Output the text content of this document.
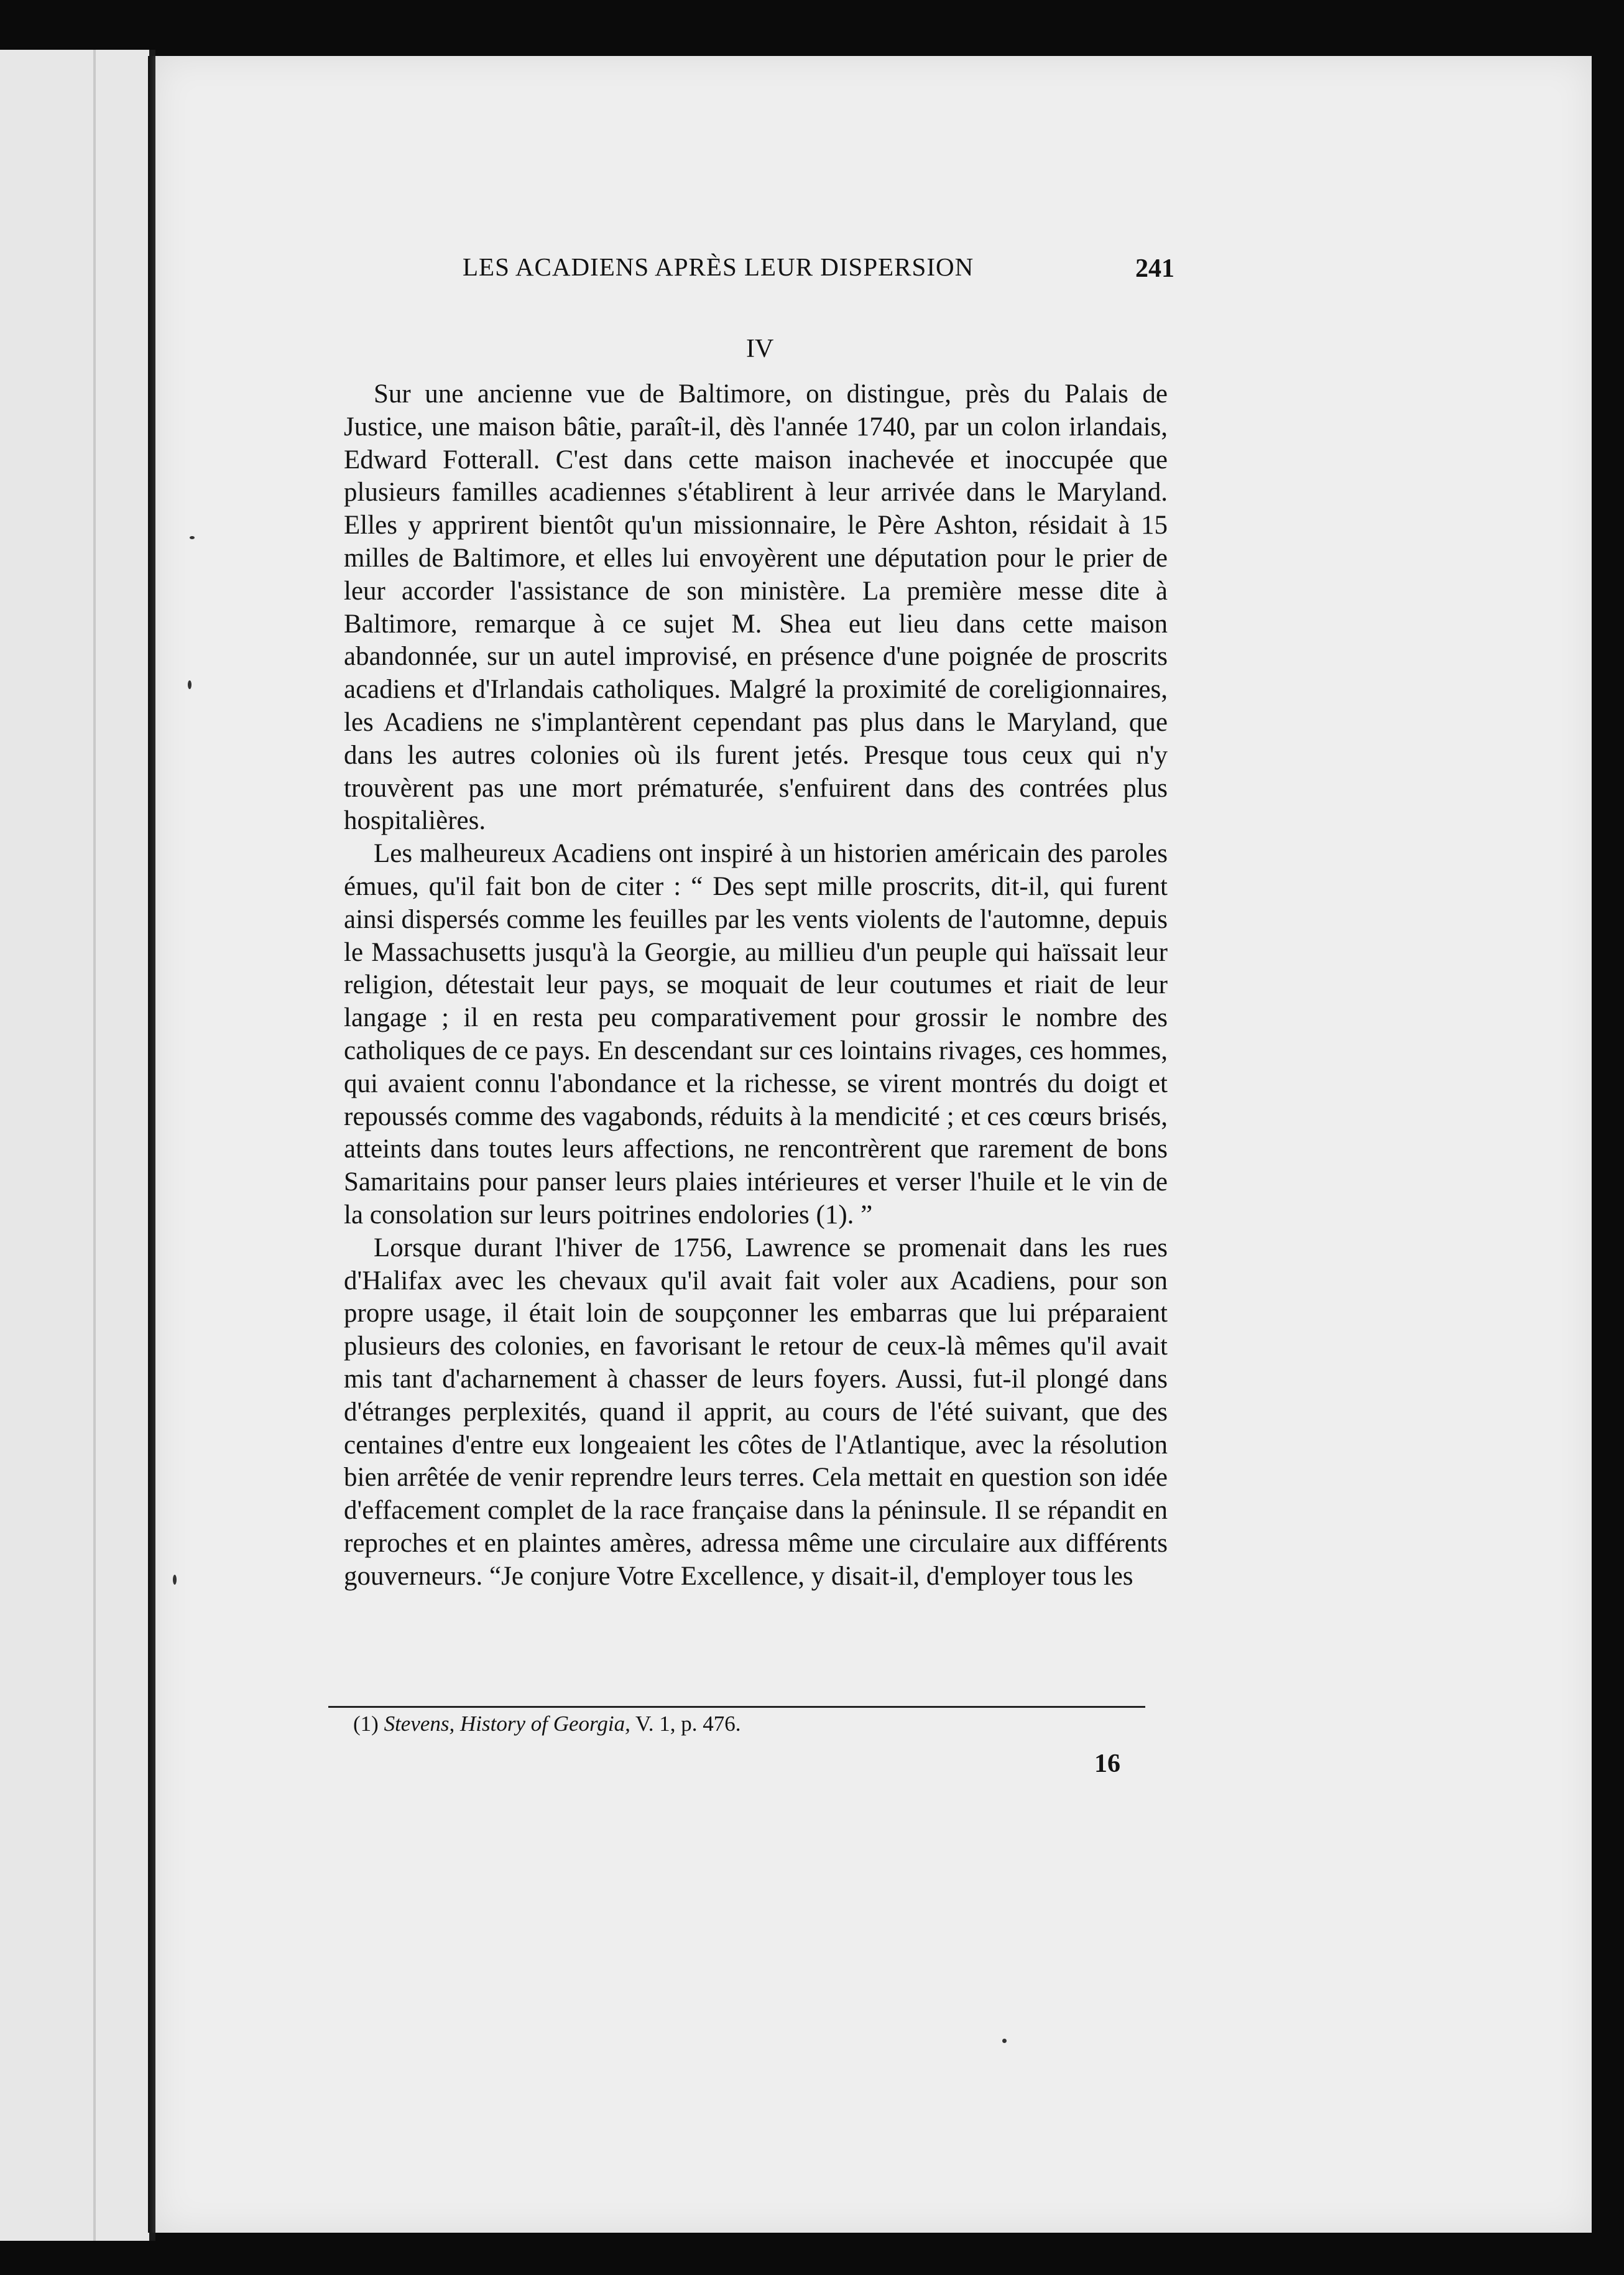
LES ACADIENS APRÈS LEUR DISPERSION	241
IV

Sur une ancienne vue de Baltimore, on distingue, près du Palais de Justice, une maison bâtie, paraît-il, dès l'année 1740, par un colon irlandais, Edward Fotterall. C'est dans cette maison inachevée et inoccupée que plusieurs familles acadiennes s'établirent à leur arrivée dans le Maryland. Elles y apprirent bientôt qu'un missionnaire, le Père Ashton, résidait à 15 milles de Baltimore, et elles lui envoyèrent une députation pour le prier de leur accorder l'assistance de son ministère. La première messe dite à Baltimore, remarque à ce sujet M. Shea eut lieu dans cette maison abandonnée, sur un autel improvisé, en présence d'une poignée de proscrits acadiens et d'Irlandais catholiques. Malgré la proximité de coreligionnaires, les Acadiens ne s'implantèrent cependant pas plus dans le Maryland, que dans les autres colonies où ils furent jetés. Presque tous ceux qui n'y trouvèrent pas une mort prématurée, s'enfuirent dans des contrées plus hospitalières.

Les malheureux Acadiens ont inspiré à un historien américain des paroles émues, qu'il fait bon de citer : “ Des sept mille proscrits, dit-il, qui furent ainsi dispersés comme les feuilles par les vents violents de l'automne, depuis le Massachusetts jusqu'à la Georgie, au millieu d'un peuple qui haïssait leur religion, détestait leur pays, se moquait de leur coutumes et riait de leur langage ; il en resta peu comparativement pour grossir le nombre des catholiques de ce pays. En descendant sur ces lointains rivages, ces hommes, qui avaient connu l'abondance et la richesse, se virent montrés du doigt et repoussés comme des vagabonds, réduits à la mendicité ; et ces cœurs brisés, atteints dans toutes leurs affections, ne rencontrèrent que rarement de bons Samaritains pour panser leurs plaies intérieures et verser l'huile et le vin de la consolation sur leurs poitrines endolories (1). ”

Lorsque durant l'hiver de 1756, Lawrence se promenait dans les rues d'Halifax avec les chevaux qu'il avait fait voler aux Acadiens, pour son propre usage, il était loin de soupçonner les embarras que lui préparaient plusieurs des colonies, en favorisant le retour de ceux-là mêmes qu'il avait mis tant d'acharnement à chasser de leurs foyers. Aussi, fut-il plongé dans d'étranges perplexités, quand il apprit, au cours de l'été suivant, que des centaines d'entre eux longeaient les côtes de l'Atlantique, avec la résolution bien arrêtée de venir reprendre leurs terres. Cela mettait en question son idée d'effacement complet de la race française dans la péninsule. Il se répandit en reproches et en plaintes amères, adressa même une circulaire aux différents gouverneurs. “Je conjure Votre Excellence, y disait-il, d'employer tous les

(1) Stevens, History of Georgia, V. 1, p. 476.
16
